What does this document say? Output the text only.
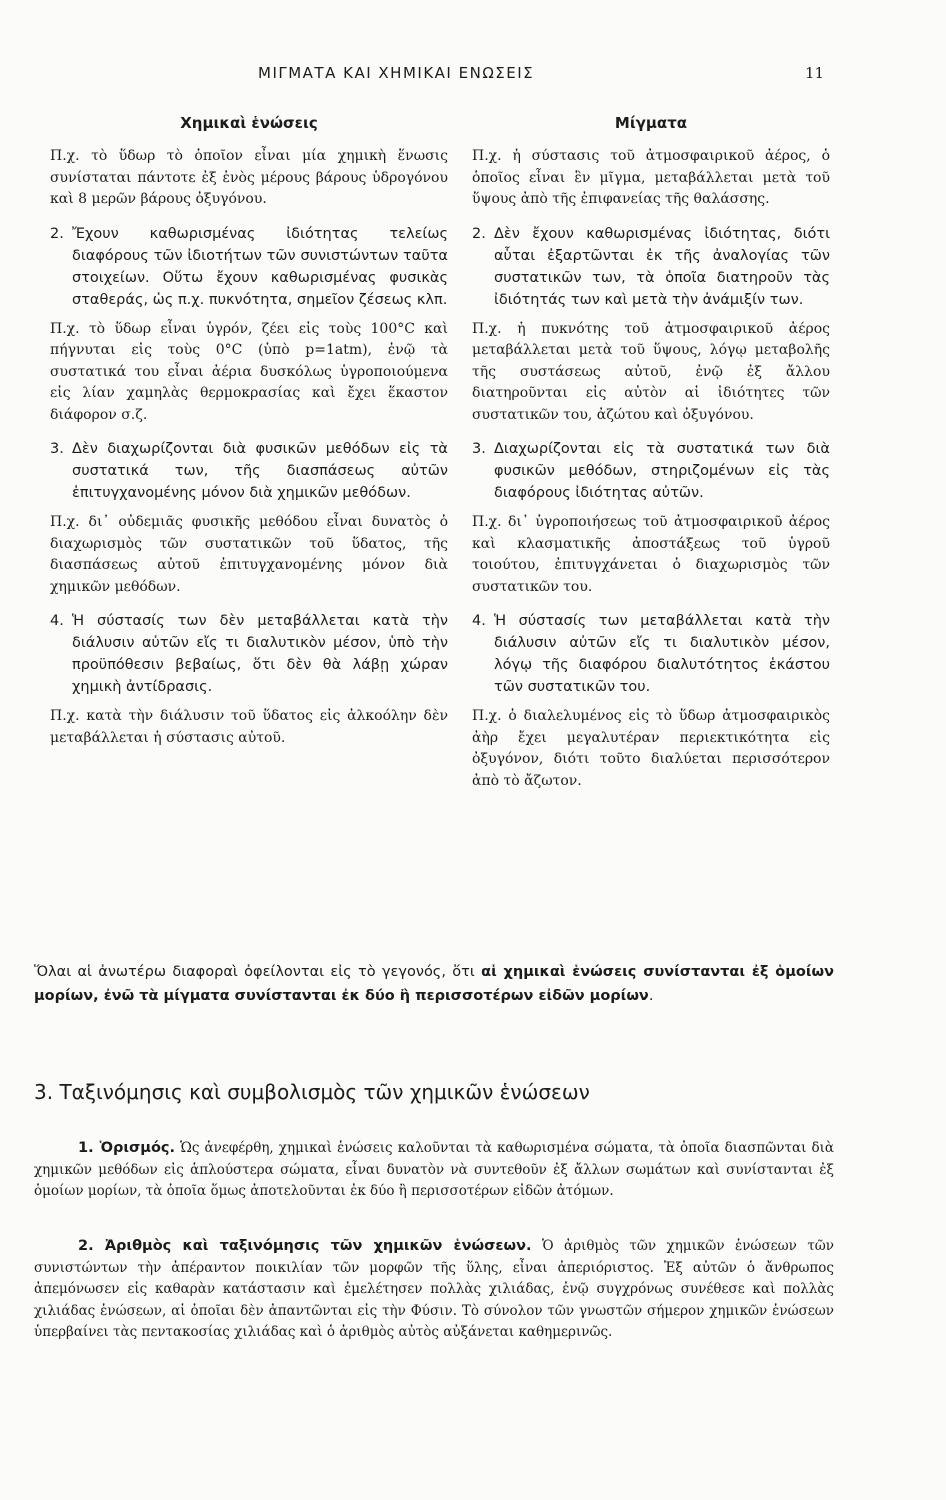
ΜΙΓΜΑΤΑ ΚΑΙ ΧΗΜΙΚΑΙ ΕΝΩΣΕΙΣ	11
Χημικαὶ ἑνώσεις

Π.χ. τὸ ὕδωρ τὸ ὁποῖον εἶναι μία χημικὴ ἕνωσις συνίσταται πάντοτε ἐξ ἑνὸς μέρους βάρους ὑδρογόνου καὶ 8 μερῶν βάρους ὀξυγόνου.

2. Ἔχουν καθωρισμένας ἰδιότητας τελείως διαφόρους τῶν ἰδιοτήτων τῶν συνιστώντων ταῦτα στοιχείων. Οὕτω ἔχουν καθωρισμένας φυσικὰς σταθεράς, ὡς π.χ. πυκνότητα, σημεῖον ζέσεως κλπ.

Π.χ. τὸ ὕδωρ εἶναι ὑγρόν, ζέει εἰς τοὺς 100°C καὶ πήγνυται εἰς τοὺς 0°C (ὑπὸ p=1atm), ἐνῷ τὰ συστατικά του εἶναι ἀέρια δυσκόλως ὑγροποιούμενα εἰς λίαν χαμηλὰς θερμοκρασίας καὶ ἔχει ἕκαστον διάφορον σ.ζ.

3. Δὲν διαχωρίζονται διὰ φυσικῶν μεθόδων εἰς τὰ συστατικά των, τῆς διασπάσεως αὐτῶν ἐπιτυγχανομένης μόνον διὰ χημικῶν μεθόδων.

Π.χ. δι᾽ οὐδεμιᾶς φυσικῆς μεθόδου εἶναι δυνατὸς ὁ διαχωρισμὸς τῶν συστατικῶν τοῦ ὕδατος, τῆς διασπάσεως αὐτοῦ ἐπιτυγχανομένης μόνον διὰ χημικῶν μεθόδων.

4. Ἡ σύστασίς των δὲν μεταβάλλεται κατὰ τὴν διάλυσιν αὐτῶν εἴς τι διαλυτικὸν μέσον, ὑπὸ τὴν προϋπόθεσιν βεβαίως, ὅτι δὲν θὰ λάβῃ χώραν χημικὴ ἀντίδρασις.

Π.χ. κατὰ τὴν διάλυσιν τοῦ ὕδατος εἰς ἀλκοόλην δὲν μεταβάλλεται ἡ σύστασις αὐτοῦ.

Μίγματα

Π.χ. ἡ σύστασις τοῦ ἀτμοσφαιρικοῦ ἀέρος, ὁ ὁποῖος εἶναι ἓν μῖγμα, μεταβάλλεται μετὰ τοῦ ὕψους ἀπὸ τῆς ἐπιφανείας τῆς θαλάσσης.

2. Δὲν ἔχουν καθωρισμένας ἰδιότητας, διότι αὗται ἐξαρτῶνται ἐκ τῆς ἀναλογίας τῶν συστατικῶν των, τὰ ὁποῖα διατηροῦν τὰς ἰδιότητάς των καὶ μετὰ τὴν ἀνάμιξίν των.

Π.χ. ἡ πυκνότης τοῦ ἀτμοσφαιρικοῦ ἀέρος μεταβάλλεται μετὰ τοῦ ὕψους, λόγῳ μεταβολῆς τῆς συστάσεως αὐτοῦ, ἐνῷ ἐξ ἄλλου διατηροῦνται εἰς αὐτὸν αἱ ἰδιότητες τῶν συστατικῶν του, ἀζώτου καὶ ὀξυγόνου.

3. Διαχωρίζονται εἰς τὰ συστατικά των διὰ φυσικῶν μεθόδων, στηριζομένων εἰς τὰς διαφόρους ἰδιότητας αὐτῶν.

Π.χ. δι᾽ ὑγροποιήσεως τοῦ ἀτμοσφαιρικοῦ ἀέρος καὶ κλασματικῆς ἀποστάξεως τοῦ ὑγροῦ τοιούτου, ἐπιτυγχάνεται ὁ διαχωρισμὸς τῶν συστατικῶν του.

4. Ἡ σύστασίς των μεταβάλλεται κατὰ τὴν διάλυσιν αὐτῶν εἴς τι διαλυτικὸν μέσον, λόγῳ τῆς διαφόρου διαλυτότητος ἑκάστου τῶν συστατικῶν του.

Π.χ. ὁ διαλελυμένος εἰς τὸ ὕδωρ ἀτμοσφαιρικὸς ἀὴρ ἔχει μεγαλυτέραν περιεκτικότητα εἰς ὀξυγόνον, διότι τοῦτο διαλύεται περισσότερον ἀπὸ τὸ ἄζωτον.

Ὅλαι αἱ ἀνωτέρω διαφοραὶ ὀφείλονται εἰς τὸ γεγονός, ὅτι αἱ χημικαὶ ἑνώσεις συνίστανται ἐξ ὁμοίων μορίων, ἐνῶ τὰ μίγματα συνίστανται ἐκ δύο ἢ περισσοτέρων εἰδῶν μορίων.

3. Ταξινόμησις καὶ συμβολισμὸς τῶν χημικῶν ἑνώσεων

1. Ὁρισμός. Ὡς ἀνεφέρθη, χημικαὶ ἑνώσεις καλοῦνται τὰ καθωρισμένα σώματα, τὰ ὁποῖα διασπῶνται διὰ χημικῶν μεθόδων εἰς ἁπλούστερα σώματα, εἶναι δυνατὸν νὰ συντεθοῦν ἐξ ἄλλων σωμάτων καὶ συνίστανται ἐξ ὁμοίων μορίων, τὰ ὁποῖα ὅμως ἀποτελοῦνται ἐκ δύο ἢ περισσοτέρων εἰδῶν ἀτόμων.

2. Ἀριθμὸς καὶ ταξινόμησις τῶν χημικῶν ἑνώσεων. Ὁ ἀριθμὸς τῶν χημικῶν ἑνώσεων τῶν συνιστώντων τὴν ἀπέραντον ποικιλίαν τῶν μορφῶν τῆς ὕλης, εἶναι ἀπεριόριστος. Ἐξ αὐτῶν ὁ ἄνθρωπος ἀπεμόνωσεν εἰς καθαρὰν κατάστασιν καὶ ἐμελέτησεν πολλὰς χιλιάδας, ἐνῷ συγχρόνως συνέθεσε καὶ πολλὰς χιλιάδας ἑνώσεων, αἱ ὁποῖαι δὲν ἀπαντῶνται εἰς τὴν Φύσιν. Τὸ σύνολον τῶν γνωστῶν σήμερον χημικῶν ἑνώσεων ὑπερβαίνει τὰς πεντακοσίας χιλιάδας καὶ ὁ ἀριθμὸς αὐτὸς αὐξάνεται καθημερινῶς.
